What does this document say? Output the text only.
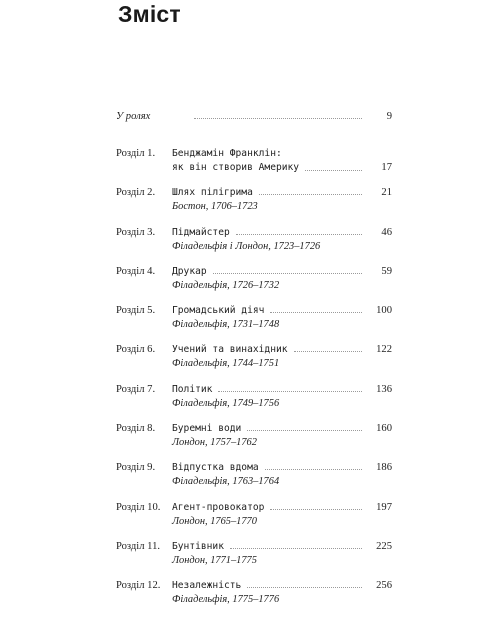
Зміст
У ролях	9
Розділ 1.	Бенджамін Франклін:
як він створив Америку	17
Розділ 2.	Шлях пілігрима
Бостон, 1706–1723
21
Розділ 3.	Підмайстер
Філадельфія і Лондон, 1723–1726
46
Розділ 4.	Друкар
Філадельфія, 1726–1732
59
Розділ 5.	Громадський діяч
Філадельфія, 1731–1748
100
Розділ 6.	Учений та винахідник
Філадельфія, 1744–1751
122
Розділ 7.	Політик
Філадельфія, 1749–1756
136
Розділ 8.	Буремні води
Лондон, 1757–1762
160
Розділ 9.	Відпустка вдома
Філадельфія, 1763–1764
186
Розділ 10.	Агент-провокатор
Лондон, 1765–1770
197
Розділ 11.	Бунтівник
Лондон, 1771–1775
225
Розділ 12.	Незалежність
Філадельфія, 1775–1776
256
